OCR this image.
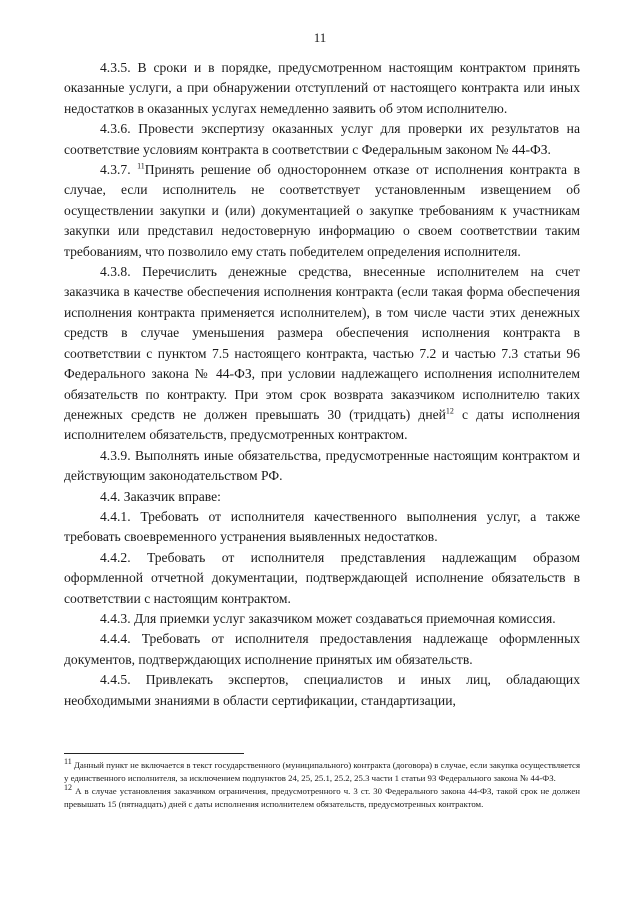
11

4.3.5. В сроки и в порядке, предусмотренном настоящим контрактом принять оказанные услуги, а при обнаружении отступлений от настоящего контракта или иных недостатков в оказанных услугах немедленно заявить об этом исполнителю.

4.3.6. Провести экспертизу оказанных услуг для проверки их результатов на соответствие условиям контракта в соответствии с Федеральным законом № 44-ФЗ.

4.3.7. $^{11}$Принять решение об одностороннем отказе от исполнения контракта в случае, если исполнитель не соответствует установленным извещением об осуществлении закупки и (или) документацией о закупке требованиям к участникам закупки или представил недостоверную информацию о своем соответствии таким требованиям, что позволило ему стать победителем определения исполнителя.

4.3.8. Перечислить денежные средства, внесенные исполнителем на счет заказчика в качестве обеспечения исполнения контракта (если такая форма обеспечения исполнения контракта применяется исполнителем), в том числе части этих денежных средств в случае уменьшения размера обеспечения исполнения контракта в соответствии с пунктом 7.5 настоящего контракта, частью 7.2 и частью 7.3 статьи 96 Федерального закона № 44-ФЗ, при условии надлежащего исполнения исполнителем обязательств по контракту. При этом срок возврата заказчиком исполнителю таких денежных средств не должен превышать 30 (тридцать) дней$^{12}$ с даты исполнения исполнителем обязательств, предусмотренных контрактом.

4.3.9. Выполнять иные обязательства, предусмотренные настоящим контрактом и действующим законодательством РФ.

4.4. Заказчик вправе:

4.4.1. Требовать от исполнителя качественного выполнения услуг, а также требовать своевременного устранения выявленных недостатков.

4.4.2. Требовать от исполнителя представления надлежащим образом оформленной отчетной документации, подтверждающей исполнение обязательств в соответствии с настоящим контрактом.

4.4.3. Для приемки услуг заказчиком может создаваться приемочная комиссия.

4.4.4. Требовать от исполнителя предоставления надлежаще оформленных документов, подтверждающих исполнение принятых им обязательств.

4.4.5. Привлекать экспертов, специалистов и иных лиц, обладающих необходимыми знаниями в области сертификации, стандартизации,

$^{11}$ Данный пункт не включается в текст государственного (муниципального) контракта (договора) в случае, если закупка осуществляется у единственного исполнителя, за исключением подпунктов 24, 25, 25.1, 25.2, 25.3 части 1 статьи 93 Федерального закона № 44-ФЗ.

$^{12}$ А в случае установления заказчиком ограничения, предусмотренного ч. 3 ст. 30 Федерального закона 44-ФЗ, такой срок не должен превышать 15 (пятнадцать) дней с даты исполнения исполнителем обязательств, предусмотренных контрактом.
